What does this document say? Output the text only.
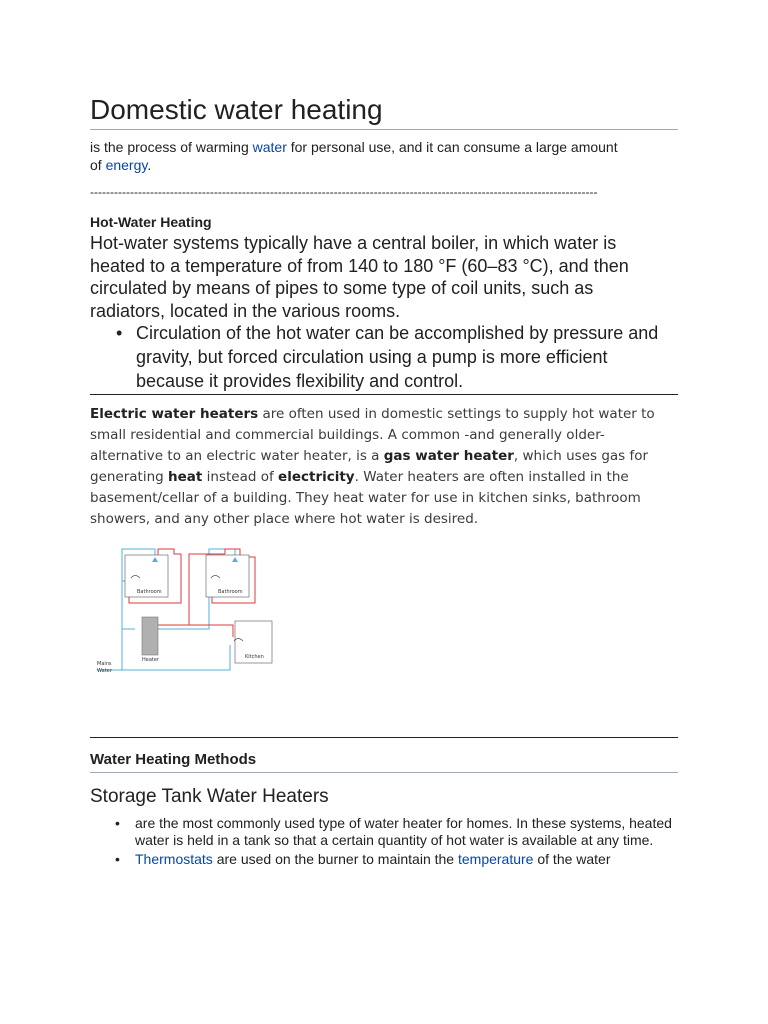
Domestic water heating
is the process of warming water for personal use, and it can consume a large amount of energy.
-------------------------------------------------------------------------------------------------------------------------------
Hot-Water Heating
Hot-water systems typically have a central boiler, in which water is heated to a temperature of from 140 to 180 °F (60–83 °C), and then circulated by means of pipes to some type of coil units, such as radiators, located in the various rooms.
• Circulation of the hot water can be accomplished by pressure and gravity, but forced circulation using a pump is more efficient because it provides flexibility and control.
Electric water heaters are often used in domestic settings to supply hot water to small residential and commercial buildings. A common -and generally older- alternative to an electric water heater, is a gas water heater, which uses gas for generating heat instead of electricity. Water heaters are often installed in the basement/cellar of a building. They heat water for use in kitchen sinks, bathroom showers, and any other place where hot water is desired.
Bathroom	Bathroom
Heater	Kitchen
Mains
Water
Water Heating Methods
Storage Tank Water Heaters
• are the most commonly used type of water heater for homes. In these systems, heated water is held in a tank so that a certain quantity of hot water is available at any time.
• Thermostats are used on the burner to maintain the temperature of the water
